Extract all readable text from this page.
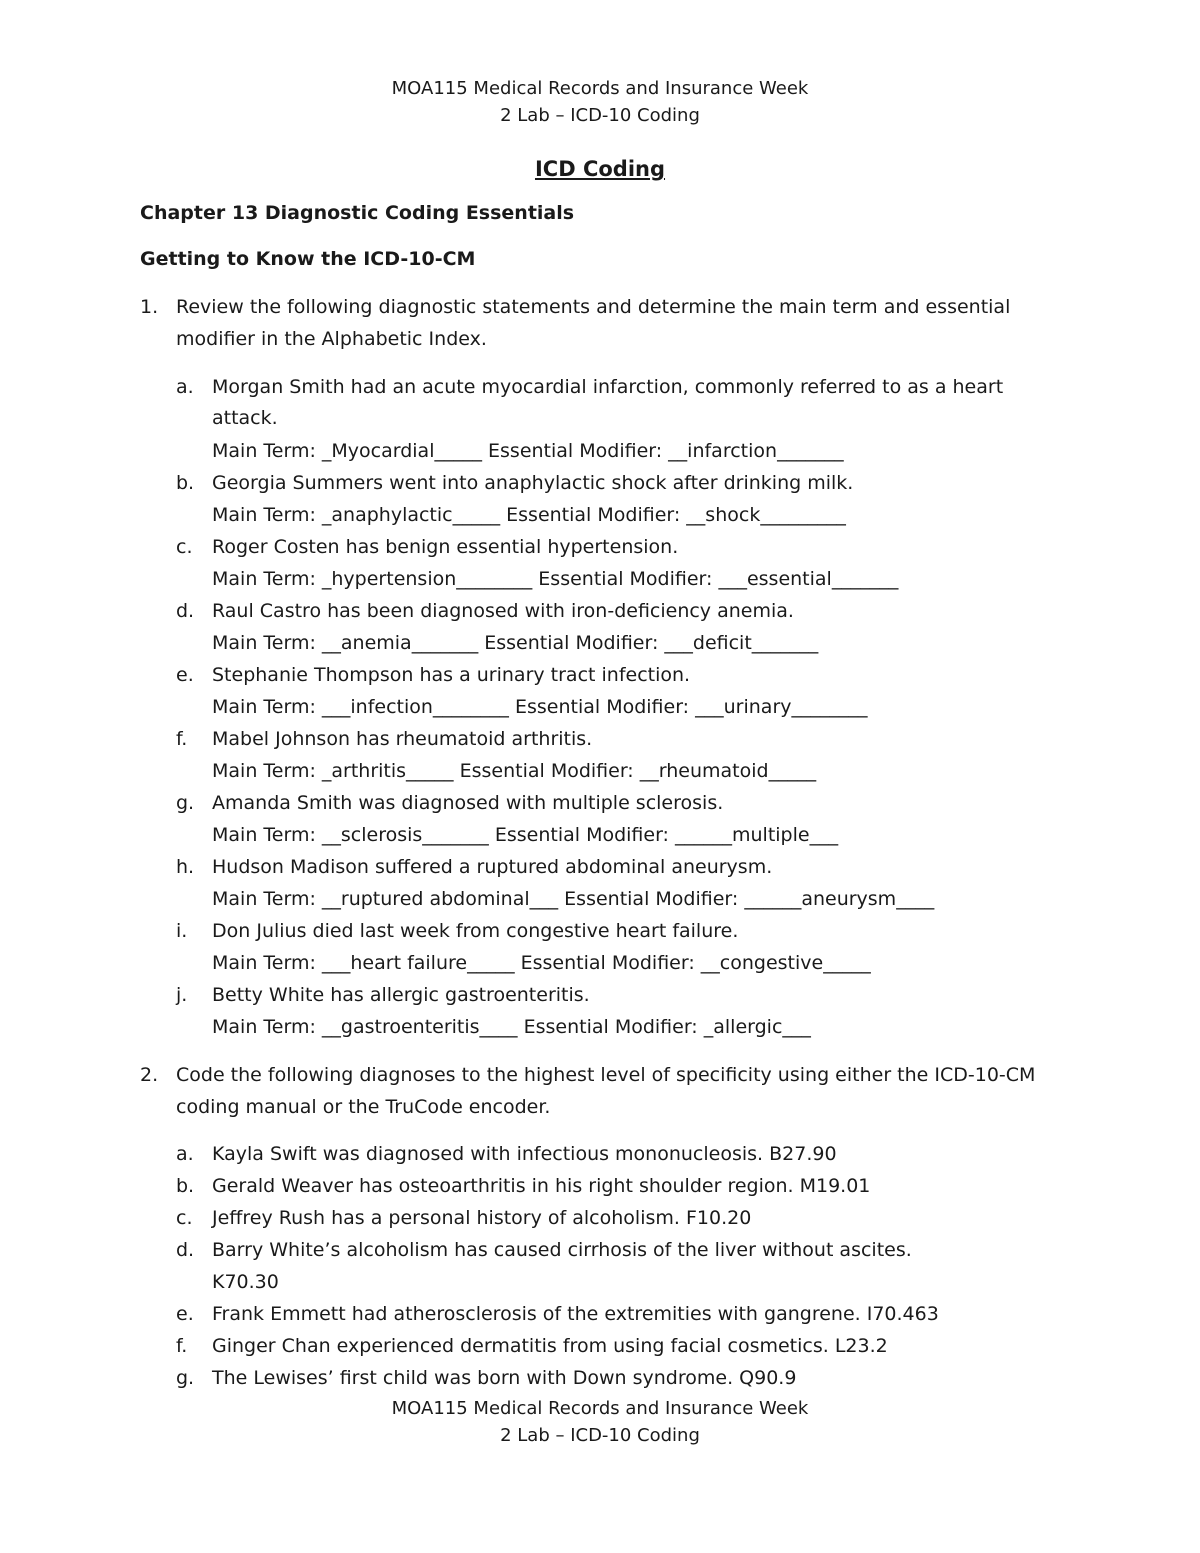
MOA115 Medical Records and Insurance Week
2 Lab – ICD-10 Coding
ICD Coding
Chapter 13 Diagnostic Coding Essentials
Getting to Know the ICD-10-CM
1. Review the following diagnostic statements and determine the main term and essential
modifier in the Alphabetic Index.
a. Morgan Smith had an acute myocardial infarction, commonly referred to as a heart
attack.
Main Term: _Myocardial_____ Essential Modifier: __infarction_______
b. Georgia Summers went into anaphylactic shock after drinking milk.
Main Term: _anaphylactic_____ Essential Modifier: __shock_________
c. Roger Costen has benign essential hypertension.
Main Term: _hypertension________ Essential Modifier: ___essential_______
d. Raul Castro has been diagnosed with iron-deficiency anemia.
Main Term: __anemia_______ Essential Modifier: ___deficit_______
e. Stephanie Thompson has a urinary tract infection.
Main Term: ___infection________ Essential Modifier: ___urinary________
f. Mabel Johnson has rheumatoid arthritis.
Main Term: _arthritis_____ Essential Modifier: __rheumatoid_____
g. Amanda Smith was diagnosed with multiple sclerosis.
Main Term: __sclerosis_______ Essential Modifier: ______multiple___
h. Hudson Madison suffered a ruptured abdominal aneurysm.
Main Term: __ruptured abdominal___ Essential Modifier: ______aneurysm____
i. Don Julius died last week from congestive heart failure.
Main Term: ___heart failure_____ Essential Modifier: __congestive_____
j. Betty White has allergic gastroenteritis.
Main Term: __gastroenteritis____ Essential Modifier: _allergic___
2. Code the following diagnoses to the highest level of specificity using either the ICD-10-CM
coding manual or the TruCode encoder.
a. Kayla Swift was diagnosed with infectious mononucleosis. B27.90
b. Gerald Weaver has osteoarthritis in his right shoulder region. M19.01
c. Jeffrey Rush has a personal history of alcoholism. F10.20
d. Barry White’s alcoholism has caused cirrhosis of the liver without ascites.
K70.30
e. Frank Emmett had atherosclerosis of the extremities with gangrene. I70.463
f. Ginger Chan experienced dermatitis from using facial cosmetics. L23.2
g. The Lewises’ first child was born with Down syndrome. Q90.9
MOA115 Medical Records and Insurance Week
2 Lab – ICD-10 Coding
